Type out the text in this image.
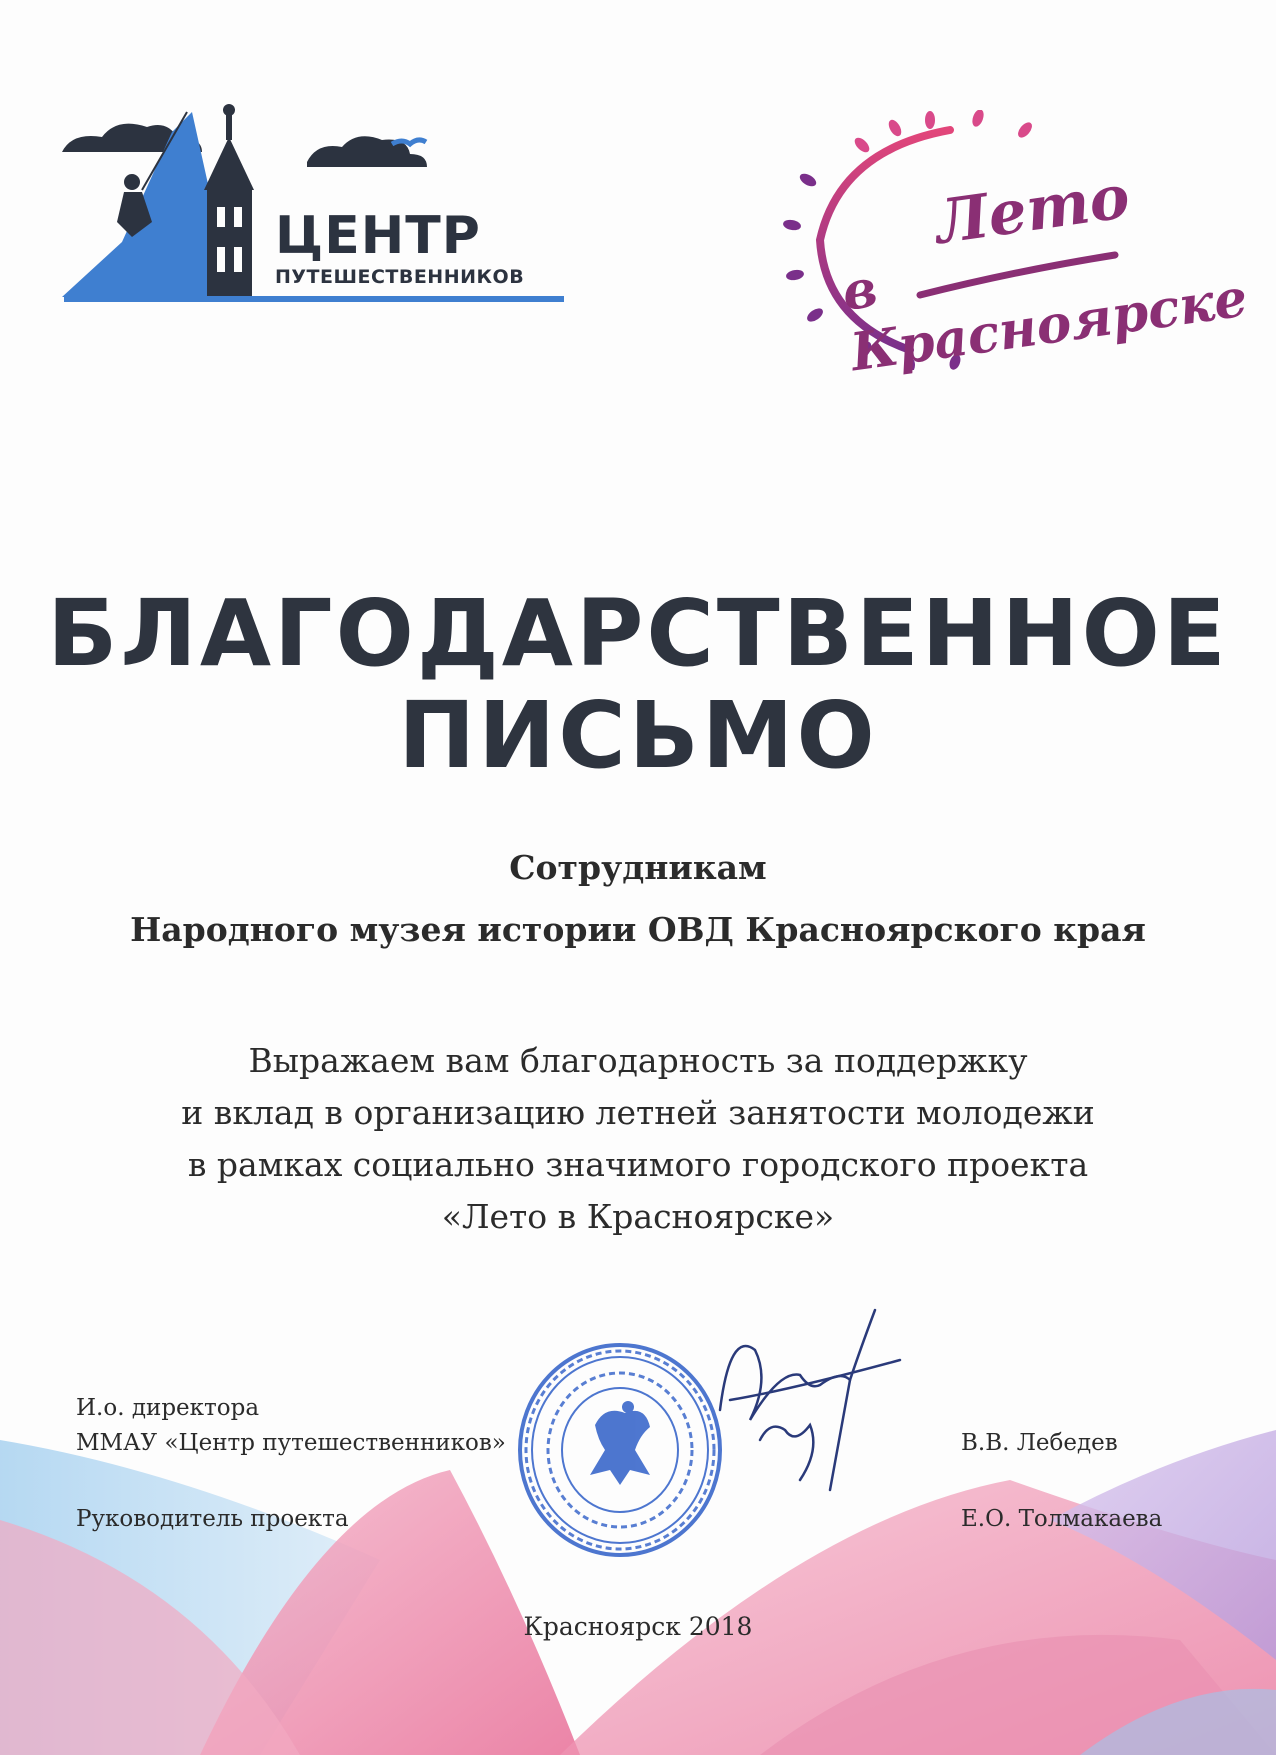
ЦЕНТР
ПУТЕШЕСТВЕННИКОВ
Лето
в Красноярске
БЛАГОДАРСТВЕННОЕ
ПИСЬМО
Сотрудникам
Народного музея истории ОВД Красноярского края
Выражаем вам благодарность за поддержку
и вклад в организацию летней занятости молодежи
в рамках социально значимого городского проекта
«Лето в Красноярске»
И.о. директора
ММАУ «Центр путешественников»	В.В. Лебедев
Руководитель проекта	Е.О. Толмакаева
Красноярск 2018
